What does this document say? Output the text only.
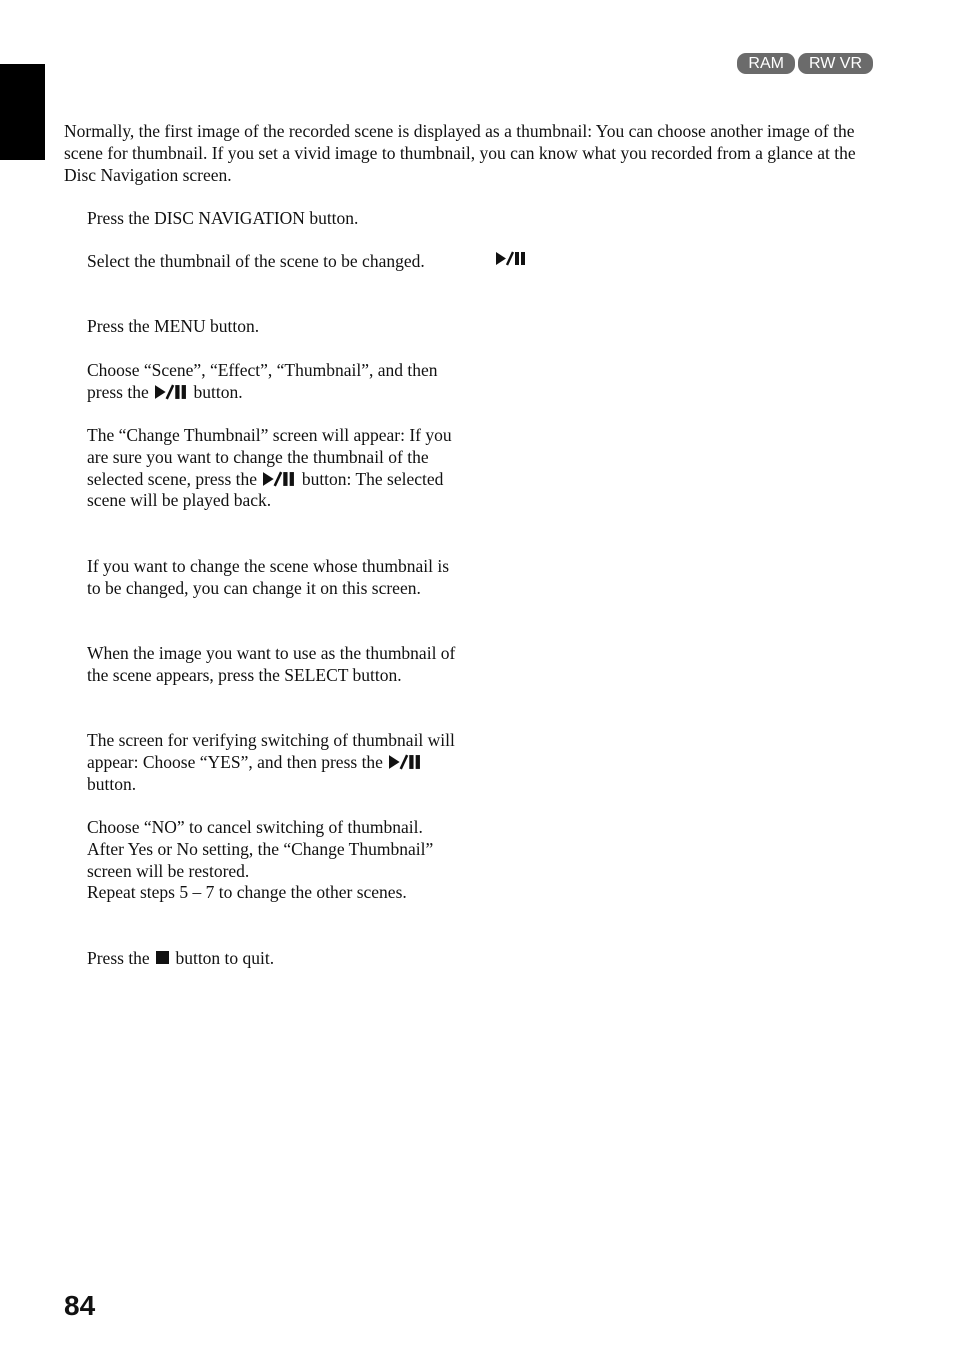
RAM	RW VR

Normally, the first image of the recorded scene is displayed as a thumbnail: You can choose another image of the scene for thumbnail. If you set a vivid image to thumbnail, you can know what you recorded from a glance at the Disc Navigation screen.

Press the DISC NAVIGATION button.

Select the thumbnail of the scene to be changed.

Press the MENU button.

Choose “Scene”, “Effect”, “Thumbnail”, and then press the	button.

The “Change Thumbnail” screen will appear: If you are sure you want to change the thumbnail of the selected scene, press the	button: The selected scene will be played back.

If you want to change the scene whose thumbnail is to be changed, you can change it on this screen.

When the image you want to use as the thumbnail of the scene appears, press the SELECT button.

The screen for verifying switching of thumbnail will appear: Choose “YES”, and then press the  button.

Choose “NO” to cancel switching of thumbnail.
After Yes or No setting, the “Change Thumbnail” screen will be restored.
Repeat steps 5 – 7 to change the other scenes.

Press the button to quit.

84
